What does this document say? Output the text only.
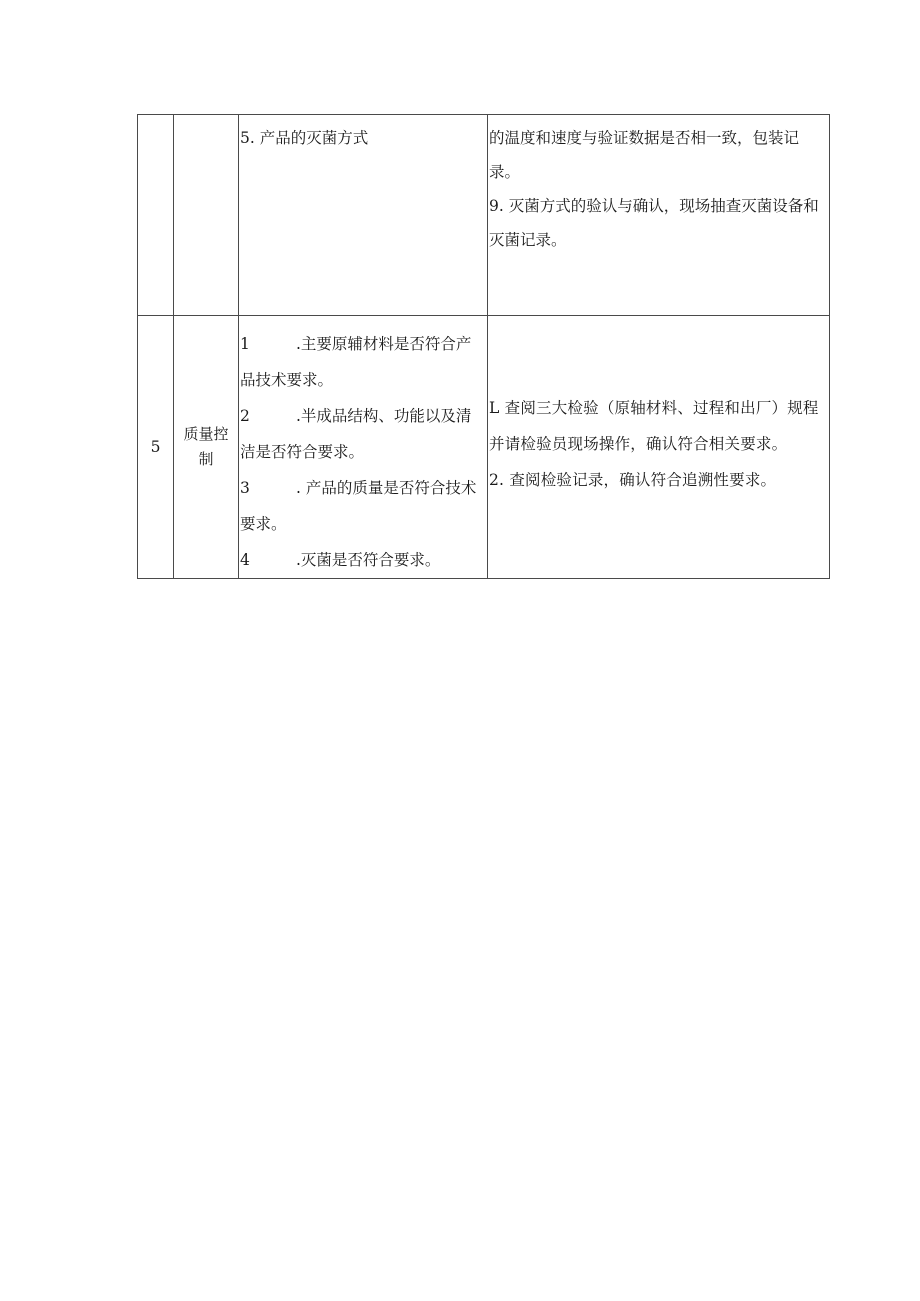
		5. 产品的灭菌方式	的温度和速度与验证数据是否相一致，包装记录。
9. 灭菌方式的验认与确认，现场抽查灭菌设备和灭菌记录。

5	质量控制	1 .主要原辅材料是否符合产品技术要求。
2 .半成品结构、功能以及清洁是否符合要求。
3 . 产品的质量是否符合技术要求。
4 .灭菌是否符合要求。	L 查阅三大检验（原轴材料、过程和出厂）规程并请检验员现场操作，确认符合相关要求。
2. 查阅检验记录，确认符合追溯性要求。
